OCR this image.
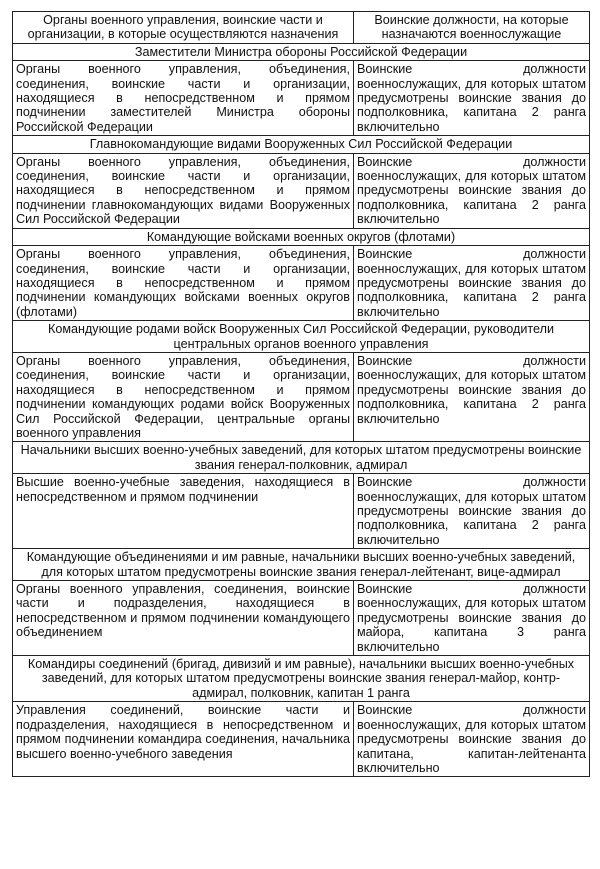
Органы военного управления, воинские части и организации, в которые осуществляются назначения	Воинские должности, на которые назначаются военнослужащие
Заместители Министра обороны Российской Федерации	
Органы военного управления, объединения, соединения, воинские части и организации, находящиеся в непосредственном и прямом подчинении заместителей Министра обороны Российской Федерации	Воинские должности военнослужащих, для которых штатом предусмотрены воинские звания до подполковника, капитана 2 ранга включительно
Главнокомандующие видами Вооруженных Сил Российской Федерации	
Органы военного управления, объединения, соединения, воинские части и организации, находящиеся в непосредственном и прямом подчинении главнокомандующих видами Вооруженных Сил Российской Федерации	Воинские должности военнослужащих, для которых штатом предусмотрены воинские звания до подполковника, капитана 2 ранга включительно
Командующие войсками военных округов (флотами)	
Органы военного управления, объединения, соединения, воинские части и организации, находящиеся в непосредственном и прямом подчинении командующих войсками военных округов (флотами)	Воинские должности военнослужащих, для которых штатом предусмотрены воинские звания до подполковника, капитана 2 ранга включительно
Командующие родами войск Вооруженных Сил Российской Федерации, руководители центральных органов военного управления	
Органы военного управления, объединения, соединения, воинские части и организации, находящиеся в непосредственном и прямом подчинении командующих родами войск Вооруженных Сил Российской Федерации, центральные органы военного управления	Воинские должности военнослужащих, для которых штатом предусмотрены воинские звания до подполковника, капитана 2 ранга включительно
Начальники высших военно-учебных заведений, для которых штатом предусмотрены воинские звания генерал-полковник, адмирал	
Высшие военно-учебные заведения, находящиеся в непосредственном и прямом подчинении	Воинские должности военнослужащих, для которых штатом предусмотрены воинские звания до подполковника, капитана 2 ранга включительно
Командующие объединениями и им равные, начальники высших военно-учебных заведений, для которых штатом предусмотрены воинские звания генерал-лейтенант, вице-адмирал	
Органы военного управления, соединения, воинские части и подразделения, находящиеся в непосредственном и прямом подчинении командующего объединением	Воинские должности военнослужащих, для которых штатом предусмотрены воинские звания до майора, капитана 3 ранга включительно
Командиры соединений (бригад, дивизий и им равные), начальники высших военно-учебных заведений, для которых штатом предусмотрены воинские звания генерал-майор, контр-адмирал, полковник, капитан 1 ранга	
Управления соединений, воинские части и подразделения, находящиеся в непосредственном и прямом подчинении командира соединения, начальника высшего военно-учебного заведения	Воинские должности военнослужащих, для которых штатом предусмотрены воинские звания до капитана, капитан-лейтенанта включительно
